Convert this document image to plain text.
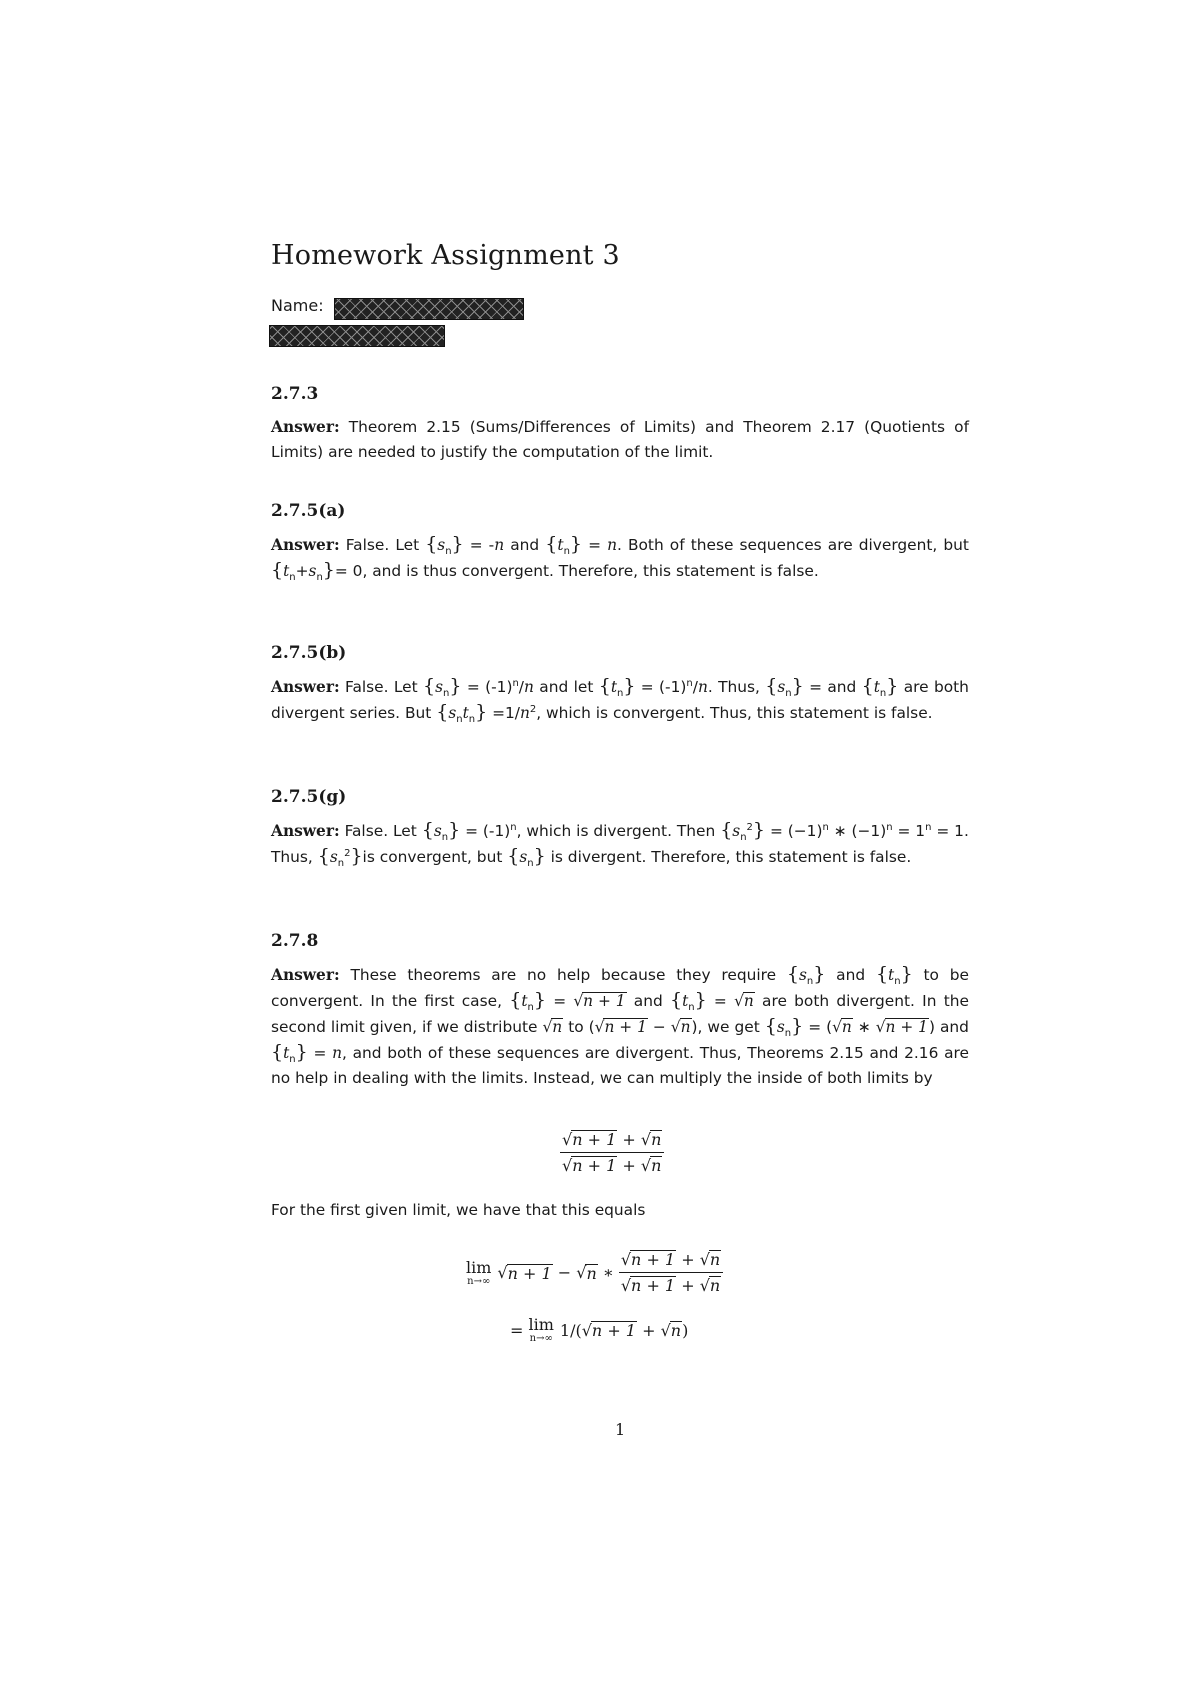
Homework Assignment 3
Name:
2.7.3

Answer: Theorem 2.15 (Sums/Differences of Limits) and Theorem 2.17 (Quotients of Limits) are needed to justify the computation of the limit.

2.7.5(a)

Answer: False. Let $\{s_n\} = -n$ and $\{t_n\} = n$. Both of these sequences are divergent, but $\{t_n+s_n\}= 0$, and is thus convergent. Therefore, this statement is false.

2.7.5(b)

Answer: False. Let $\{s_n\} = (-1)^n/n$ and let $\{t_n\} = (-1)^n/n$. Thus, $\{s_n\}$ = and $\{t_n\}$ are both divergent series. But $\{s_nt_n\} =1/n^2$, which is convergent. Thus, this statement is false.

2.7.5(g)

Answer: False. Let $\{s_n\} = (-1)^n$, which is divergent. Then $\{s_n^2\} = (-1)^n$ ∗ $(-1)^n = 1^n = 1$. Thus, $\{s_n^2\}is$ convergent, but $\{s_n\}$ is divergent. Therefore, this statement is false.

2.7.8

Answer: These theorems are no help because they require $\{s_n\}$ and $\{t_n\}$ to be convergent. In the first case, $\{t_n\} = √n + 1$ and $\{t_n\} = √n$ are both divergent. In the second limit given, if we distribute √n to (√n + 1 − √n), we get $\{s_n\} = (√n$ ∗ √n + 1) and $\{t_n\} = n$, and both of these sequences are divergent. Thus, Theorems 2.15 and 2.16 are no help in dealing with the limits. Instead, we can multiply the inside of both limits by

$\frac{√n + 1 + √n}{√n + 1 + √n}$

For the first given limit, we have that this equals

lim
n→∞ √ n + 1
−
√ n
∗
$\frac{√n + 1 + √n}{√n + 1 + √n}$
=
lim
n→∞ 1/( √ n + 1
+
√ n )
1
